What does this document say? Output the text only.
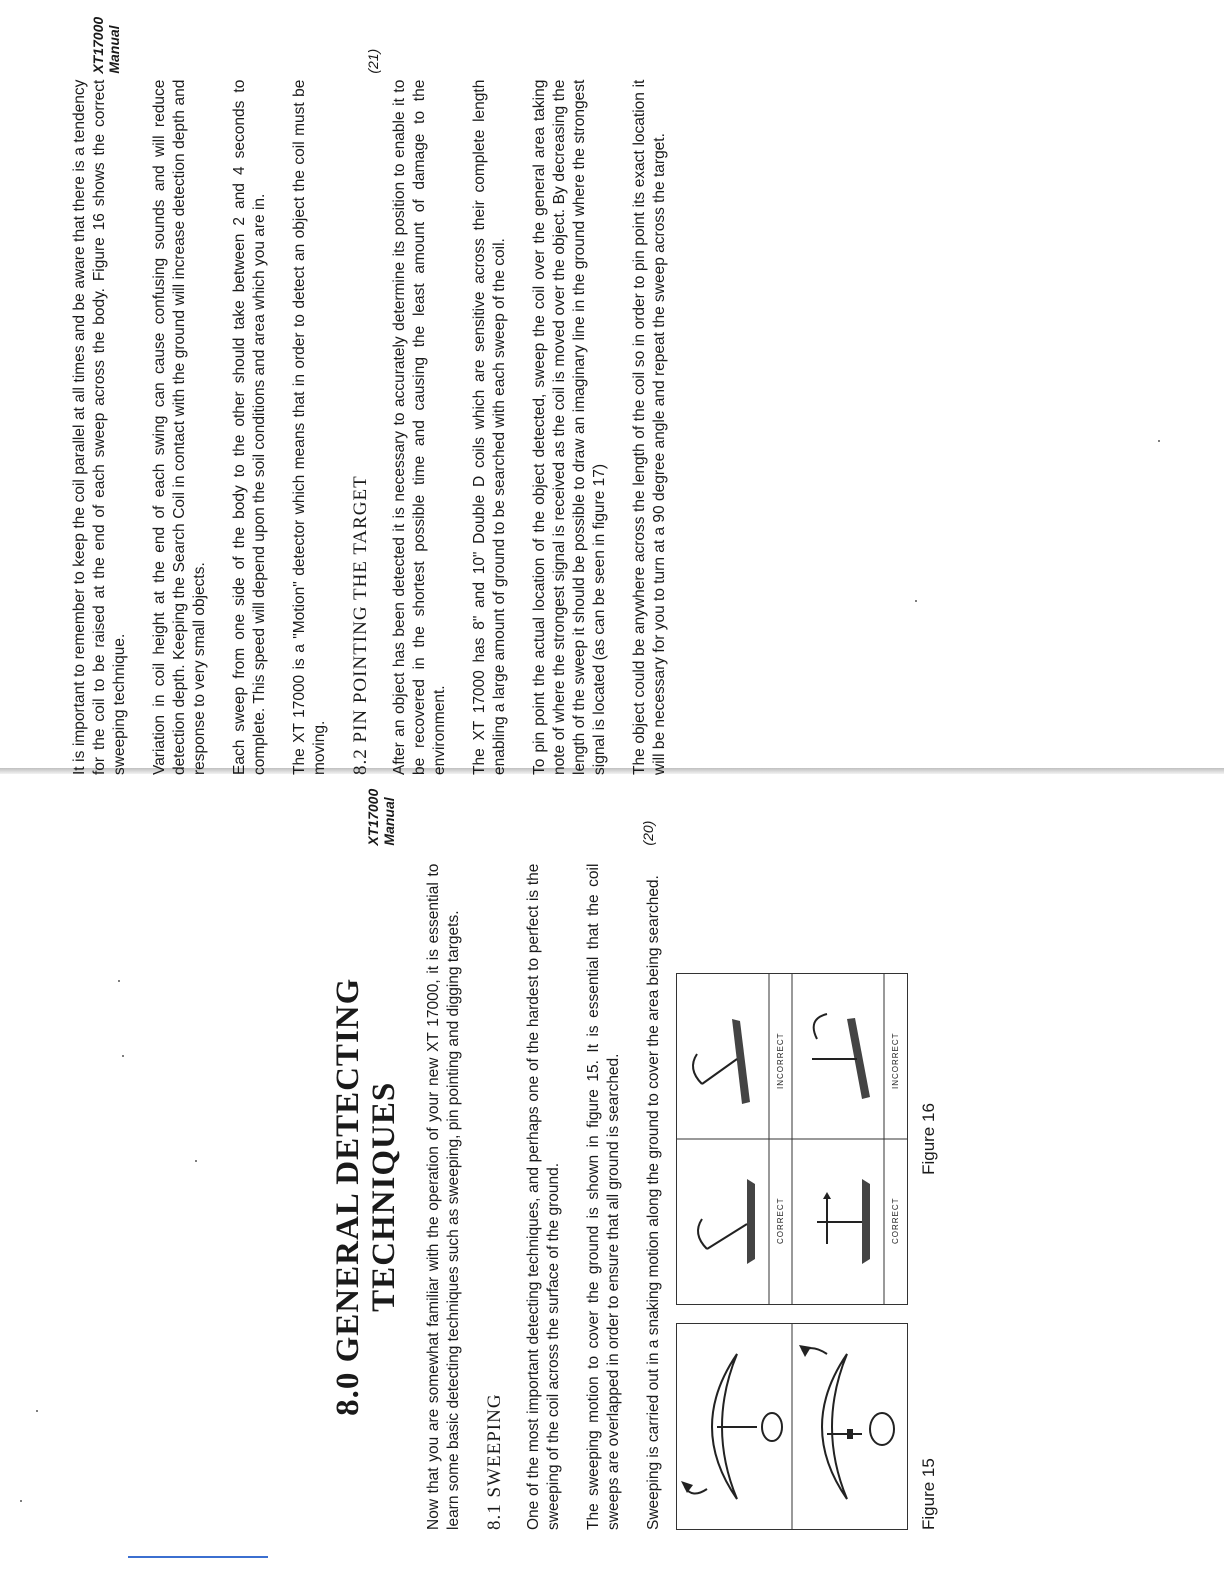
8.0 GENERAL DETECTING TECHNIQUES Now that you are somewhat familiar with the operation of your new XT 17000, it is essential to learn some basic detecting techniques such as sweeping, pin pointing and digging targets. 8.1 SWEEPING One of the most important detecting techniques, and perhaps one of the hardest to perfect is the sweeping of the coil across the surface of the ground. The sweeping motion to cover the ground is shown in figure 15. It is essential that the coil sweeps are overlapped in order to ensure that all ground is searched. Sweeping is carried out in a snaking motion along the ground to cover the area being searched.	Figure 15
CORRECT
INCORRECT
CORRECT
INCORRECT
Figure 16
XT17000 Manual	(20)

It is important to remember to keep the coil parallel at all times and be aware that there is a tendency for the coil to be raised at the end of each sweep across the body. Figure 16 shows the correct sweeping technique. Variation in coil height at the end of each swing can cause confusing sounds and will reduce detection depth. Keeping the Search Coil in contact with the ground will increase detection depth and response to very small objects. Each sweep from one side of the body to the other should take between 2 and 4 seconds to complete. This speed will depend upon the soil conditions and area which you are in. The XT 17000 is a "Motion" detector which means that in order to detect an object the coil must be moving. 8.2 PIN POINTING THE TARGET After an object has been detected it is necessary to accurately determine its position to enable it to be recovered in the shortest possible time and causing the least amount of damage to the environment. The XT 17000 has 8" and 10" Double D coils which are sensitive across their complete length enabling a large amount of ground to be searched with each sweep of the coil. To pin point the actual location of the object detected, sweep the coil over the general area taking note of where the strongest signal is received as the coil is moved over the object. By decreasing the length of the sweep it should be possible to draw an imaginary line in the ground where the strongest signal is located (as can be seen in figure 17) The object could be anywhere across the length of the coil so in order to pin point its exact location it will be necessary for you to turn at a 90 degree angle and repeat the sweep across the target.

XT17000 Manual	(21)
